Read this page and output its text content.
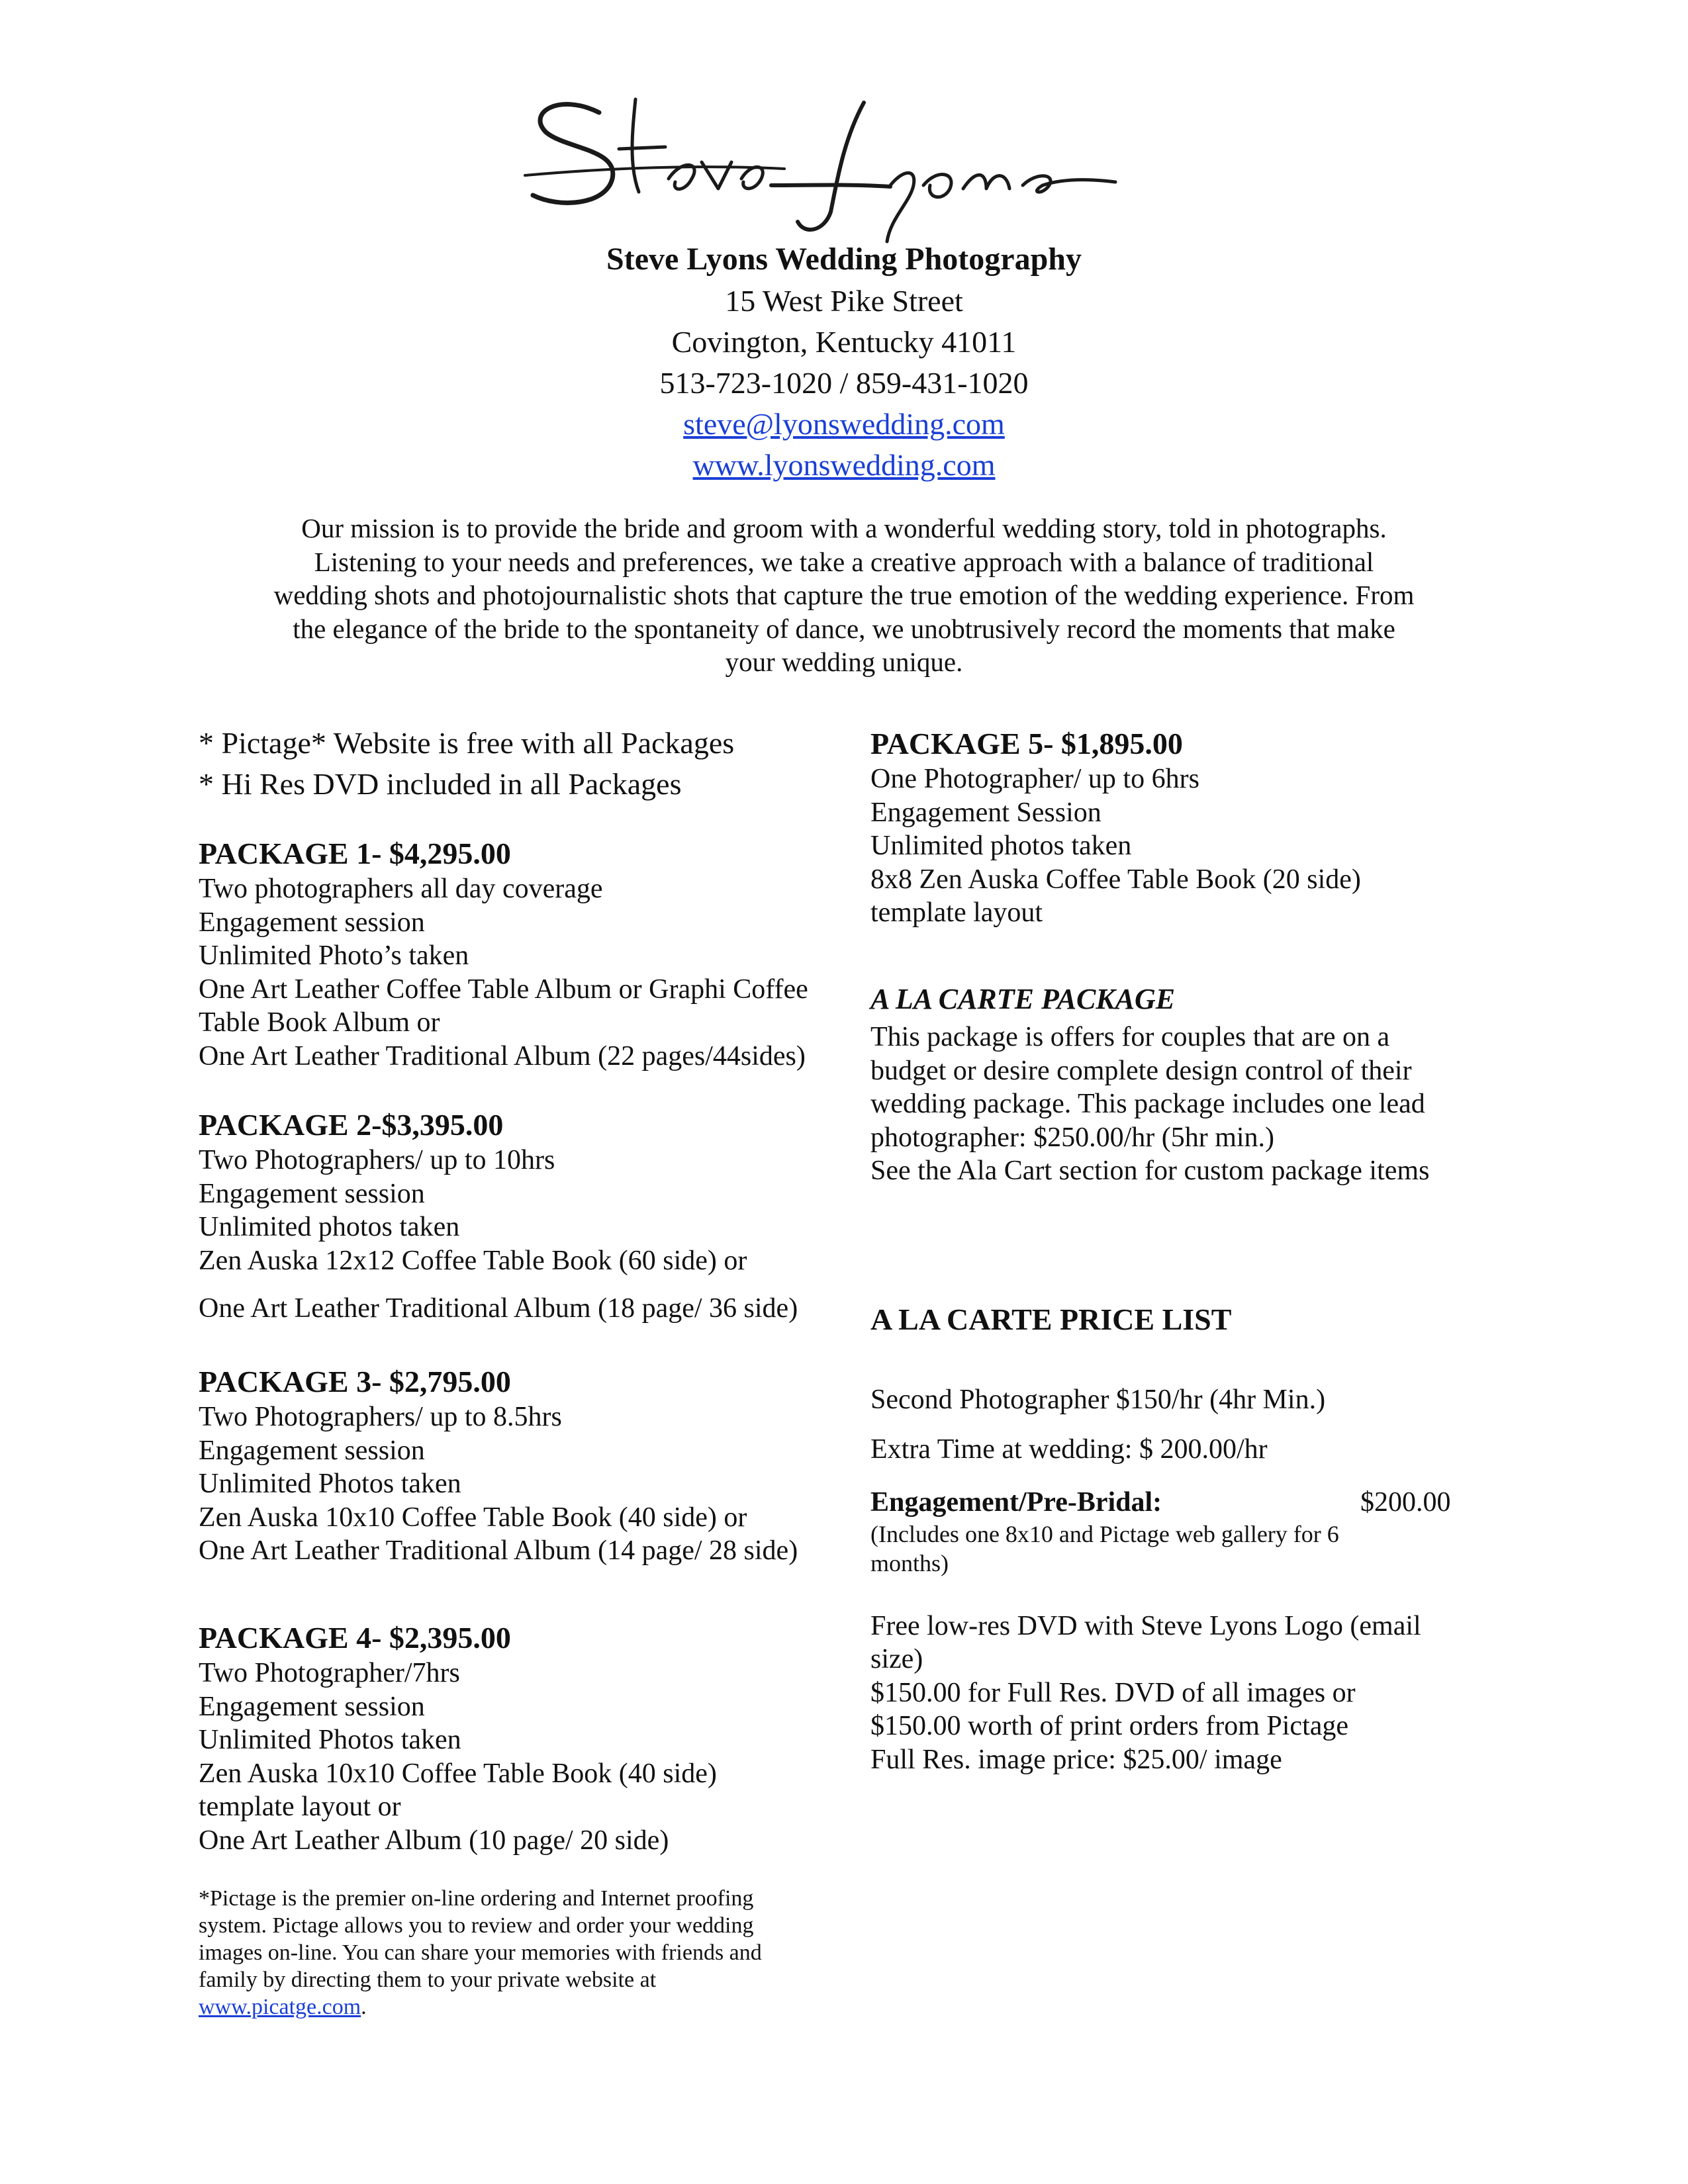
Steve Lyons Wedding Photography
15 West Pike Street
Covington, Kentucky 41011
513-723-1020 / 859-431-1020
steve@lyonswedding.com
www.lyonswedding.com
Our mission is to provide the bride and groom with a wonderful wedding story, told in photographs.
Listening to your needs and preferences, we take a creative approach with a balance of traditional
wedding shots and photojournalistic shots that capture the true emotion of the wedding experience. From
the elegance of the bride to the spontaneity of dance, we unobtrusively record the moments that make
your wedding unique.
* Pictage* Website is free with all Packages
* Hi Res DVD included in all Packages
PACKAGE 1- $4,295.00
Two photographers all day coverage
Engagement session
Unlimited Photo’s taken
One Art Leather Coffee Table Album or Graphi Coffee
Table Book Album or
One Art Leather Traditional Album (22 pages/44sides)
PACKAGE 2-$3,395.00
Two Photographers/ up to 10hrs
Engagement session
Unlimited photos taken
Zen Auska 12x12 Coffee Table Book (60 side) or
One Art Leather Traditional Album (18 page/ 36 side)
PACKAGE 3- $2,795.00
Two Photographers/ up to 8.5hrs
Engagement session
Unlimited Photos taken
Zen Auska 10x10 Coffee Table Book (40 side) or
One Art Leather Traditional Album (14 page/ 28 side)
PACKAGE 4- $2,395.00
Two Photographer/7hrs
Engagement session
Unlimited Photos taken
Zen Auska 10x10 Coffee Table Book (40 side)
template layout or
One Art Leather Album (10 page/ 20 side)
*Pictage is the premier on-line ordering and Internet proofing
system. Pictage allows you to review and order your wedding
images on-line. You can share your memories with friends and
family by directing them to your private website at
www.picatge.com.
PACKAGE 5- $1,895.00
One Photographer/ up to 6hrs
Engagement Session
Unlimited photos taken
8x8 Zen Auska Coffee Table Book (20 side)
template layout
A LA CARTE PACKAGE
This package is offers for couples that are on a
budget or desire complete design control of their
wedding package. This package includes one lead
photographer: $250.00/hr (5hr min.)
See the Ala Cart section for custom package items
A LA CARTE PRICE LIST
Second Photographer $150/hr (4hr Min.)
Extra Time at wedding: $ 200.00/hr
Engagement/Pre-Bridal:	$200.00
(Includes one 8x10 and Pictage web gallery for 6
months)
Free low-res DVD with Steve Lyons Logo (email
size)
$150.00 for Full Res. DVD of all images or
$150.00 worth of print orders from Pictage
Full Res. image price: $25.00/ image
